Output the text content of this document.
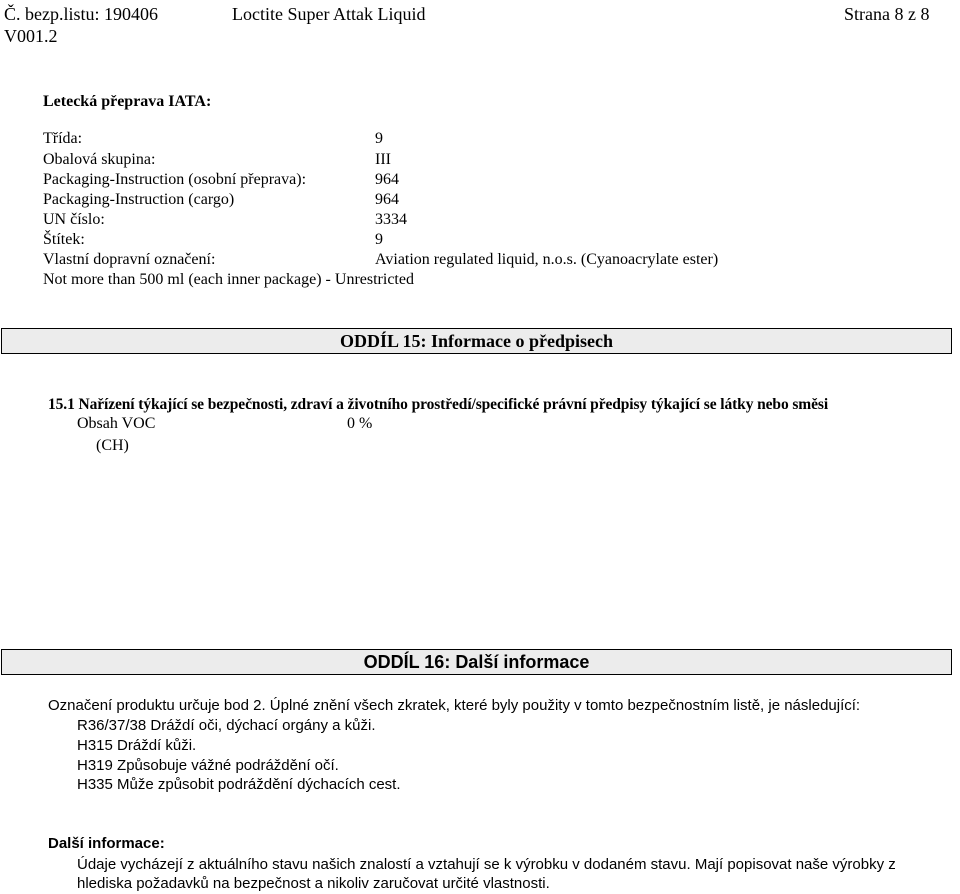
Č. bezp.listu: 190406	Loctite Super Attak Liquid	Strana 8 z 8
V001.2
Letecká přeprava IATA:
Třída:	9
Obalová skupina:	III
Packaging-Instruction (osobní přeprava):	964
Packaging-Instruction (cargo)	964
UN číslo:	3334
Štítek:	9
Vlastní dopravní označení:	Aviation regulated liquid, n.o.s. (Cyanoacrylate ester)
Not more than 500 ml (each inner package) - Unrestricted
ODDÍL 15: Informace o předpisech
15.1 Nařízení týkající se bezpečnosti, zdraví a životního prostředí/specifické právní předpisy týkající se látky nebo směsi
Obsah VOC	0 %
(CH)
ODDÍL 16: Další informace
Označení produktu určuje bod 2. Úplné znění všech zkratek, které byly použity v tomto bezpečnostním listě, je následující:
R36/37/38 Dráždí oči, dýchací orgány a kůži.
H315 Dráždí kůži.
H319 Způsobuje vážné podráždění očí.
H335 Může způsobit podráždění dýchacích cest.
Další informace:
Údaje vycházejí z aktuálního stavu našich znalostí a vztahují se k výrobku v dodaném stavu. Mají popisovat naše výrobky z
hlediska požadavků na bezpečnost a nikoliv zaručovat určité vlastnosti.
